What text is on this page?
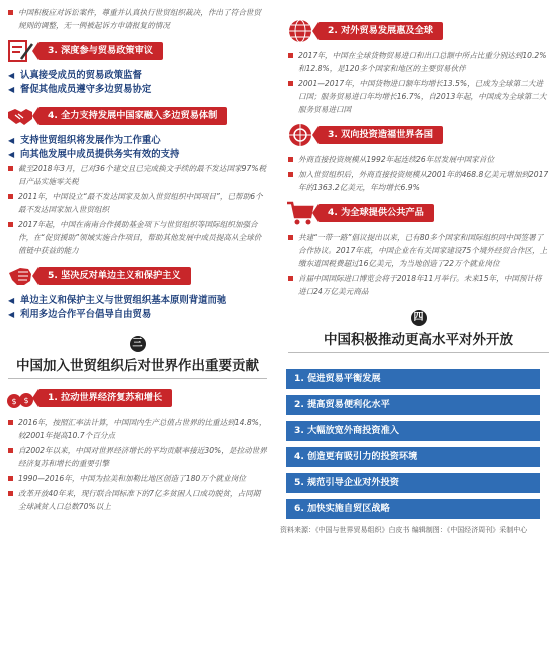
中国积极应对诉讼案件，尊重并认真执行世贸组织裁决，作出了符合世贸规则的调整，无一例被起诉方申请报复的情况
3. 深度参与贸易政策审议
◀ 认真接受成员的贸易政策监督
◀ 督促其他成员遵守多边贸易协定
4. 全力支持发展中国家融入多边贸易体制
◀ 支持世贸组织将发展作为工作重心
◀ 向其他发展中成员提供务实有效的支持
截至2018年3月，已对36个建交且已完成换文手续的最不发达国家97%税目产品实施零关税
2011年，中国设立“最不发达国家及加入世贸组织中国项目”，已帮助6个最不发达国家加入世贸组织
2017年起，中国在南南合作援助基金项下与世贸组织等国际组织加强合作，在“促贸援助”领域实施合作项目，帮助其他发展中成员提高从全球价值链中获益的能力
5. 坚决反对单边主义和保护主义
◀ 单边主义和保护主义与世贸组织基本原则背道而驰
◀ 利用多边合作平台倡导自由贸易
三
中国加入世贸组织后对世界作出重要贡献
$ $	1. 拉动世界经济复苏和增长
2016年，按照汇率法计算，中国国内生产总值占世界的比重达到14.8%，较2001年提高10.7个百分点
自2002年以来，中国对世界经济增长的平均贡献率接近30%，是拉动世界经济复苏和增长的重要引擎
1990—2016年，中国为拉美和加勒比地区创造了180万个就业岗位
改革开放40年来，现行联合国标准下的7亿多贫困人口成功脱贫，占同期全球减贫人口总数70%以上
2. 对外贸易发展惠及全球
2017年，中国在全球货物贸易进口和出口总额中所占比重分别达到10.2%和12.8%，是120多个国家和地区的主要贸易伙伴
2001—2017年，中国货物进口额年均增长13.5%，已成为全球第二大进口国；服务贸易进口年均增长16.7%，自2013年起，中国成为全球第二大服务贸易进口国
3. 双向投资造福世界各国
外商直接投资规模从1992年起连续26年居发展中国家首位
加入世贸组织后，外商直接投资规模从2001年的468.8亿美元增加到2017年的1363.2亿美元，年均增长6.9%
4. 为全球提供公共产品
共建“一带一路”倡议提出以来，已有80多个国家和国际组织同中国签署了合作协议。2017年底，中国企业在有关国家建设75个境外经贸合作区，上缴东道国税费超过16亿美元，为当地创造了22万个就业岗位
首届中国国际进口博览会将于2018年11月举行。未来15年，中国预计将进口24万亿美元商品
四
中国积极推动更高水平对外开放
1. 促进贸易平衡发展
2. 提高贸易便利化水平
3. 大幅放宽外商投资准入
4. 创造更有吸引力的投资环境
5. 规范引导企业对外投资
6. 加快实施自贸区战略
资料来源：《中国与世界贸易组织》白皮书 编辑制图：《中国经济周刊》采制中心
